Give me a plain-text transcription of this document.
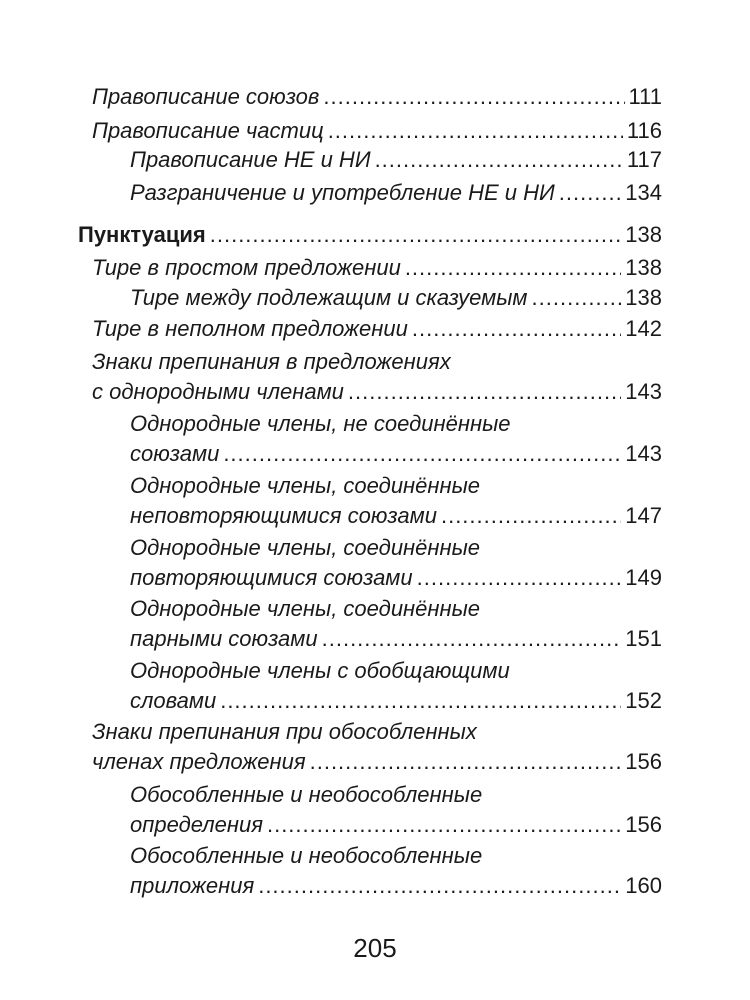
Правописание союзов .....	111
Правописание частиц .....	116
Правописание НЕ и НИ .....	117
Разграничение и употребление НЕ и НИ .....	134
Пунктуация .....	138
Тире в простом предложении .....	138
Тире между подлежащим и сказуемым .....	138
Тире в неполном предложении .....	142
Знаки препинания в предложениях
с однородными членами .....	143
Однородные члены, не соединённые
союзами .....	143
Однородные члены, соединённые
неповторяющимися союзами .....	147
Однородные члены, соединённые
повторяющимися союзами .....	149
Однородные члены, соединённые
парными союзами .....	151
Однородные члены с обобщающими
словами .....	152
Знаки препинания при обособленных
членах предложения .....	156
Обособленные и необособленные
определения .....	156
Обособленные и необособленные
приложения .....	160
205
